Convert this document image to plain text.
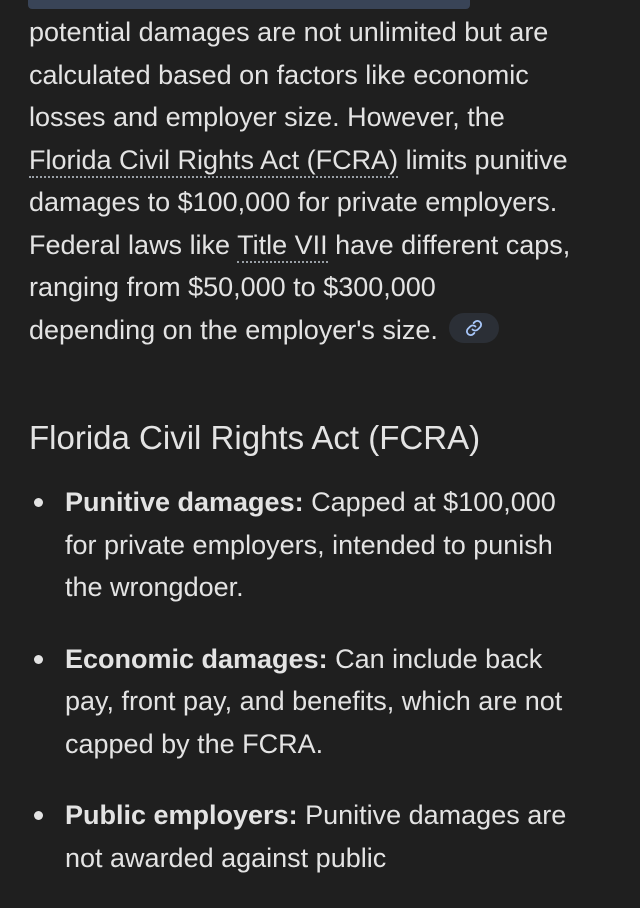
potential damages are not unlimited but are
calculated based on factors like economic
losses and employer size. However, the
Florida Civil Rights Act (FCRA) limits punitive
damages to $100,000 for private employers.
Federal laws like Title VII have different caps,
ranging from $50,000 to $300,000
depending on the employer's size.
Florida Civil Rights Act (FCRA)
Punitive damages: Capped at $100,000
for private employers, intended to punish
the wrongdoer.
Economic damages: Can include back
pay, front pay, and benefits, which are not
capped by the FCRA.
Public employers: Punitive damages are
not awarded against public
